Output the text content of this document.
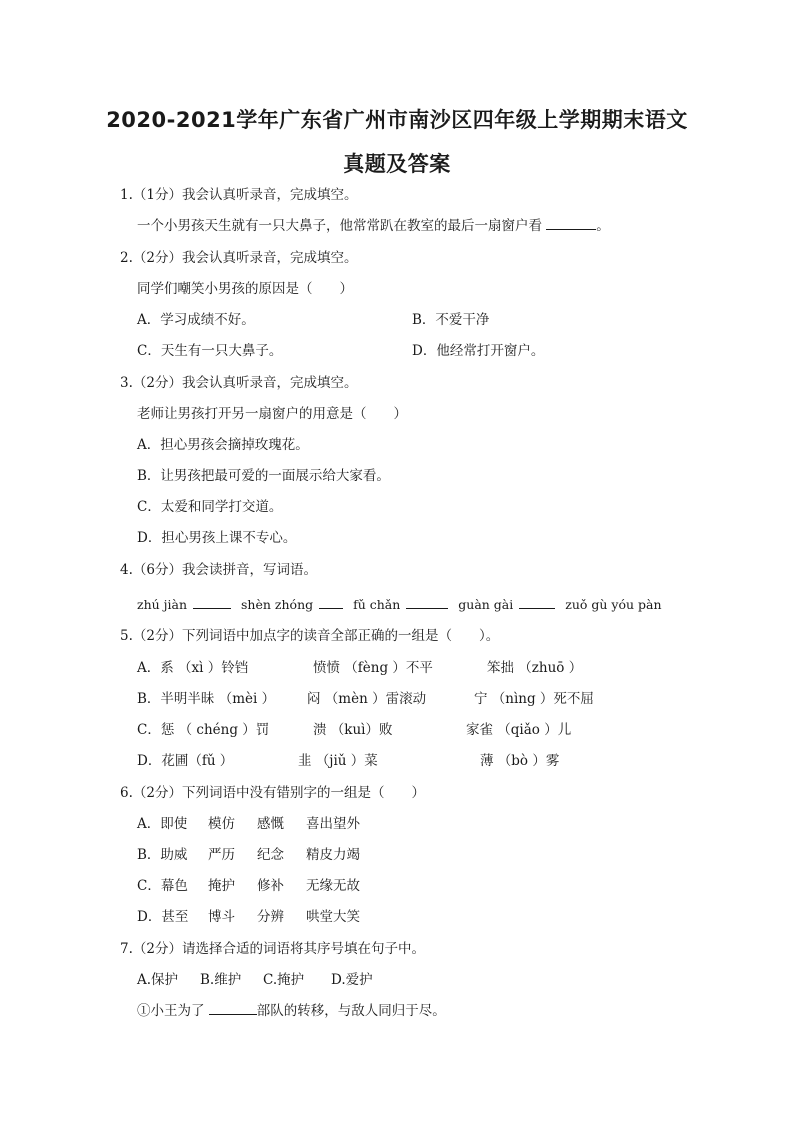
2020-2021学年广东省广州市南沙区四年级上学期期末语文
真题及答案
1.（1分）我会认真听录音，完成填空。
一个小男孩天生就有一只大鼻子，他常常趴在教室的最后一扇窗户看	。
2.（2分）我会认真听录音，完成填空。
同学们嘲笑小男孩的原因是（　　）
A．学习成绩不好。	B．不爱干净
C．天生有一只大鼻子。	D．他经常打开窗户。
3.（2分）我会认真听录音，完成填空。
老师让男孩打开另一扇窗户的用意是（　　）
A．担心男孩会摘掉玫瑰花。
B．让男孩把最可爱的一面展示给大家看。
C．太爱和同学打交道。
D．担心男孩上课不专心。
4.（6分）我会读拼音，写词语。
zhú jiàn	shèn zhóng	fǔ chǎn	guàn gài	zuǒ gù yóu pàn
5.（2分）下列词语中加点字的读音全部正确的一组是（　　）。
A．系 （xì ）铃铛	愤愤 （fèng ）不平	笨拙 （zhuō ）
B．半明半昧 （mèi ） 闷 （mèn ）雷滚动	宁 （nìng ）死不屈
C．惩 （ chéng ）罚	溃 （kuì）败	家雀 （qiǎo ）儿
D．花圃（fǔ ）	韭 （jiǔ ）菜	薄 （bò ）雾
6.（2分）下列词语中没有错别字的一组是（　　）
A．即使 模仿 感慨 喜出望外
B．助威 严历 纪念 精皮力竭
C．幕色 掩护 修补 无缘无故
D．甚至 博斗 分辨 哄堂大笑
7.（2分）请选择合适的词语将其序号填在句子中。
A.保护 B.维护 C.掩护 D.爱护
①小王为了	部队的转移，与敌人同归于尽。
